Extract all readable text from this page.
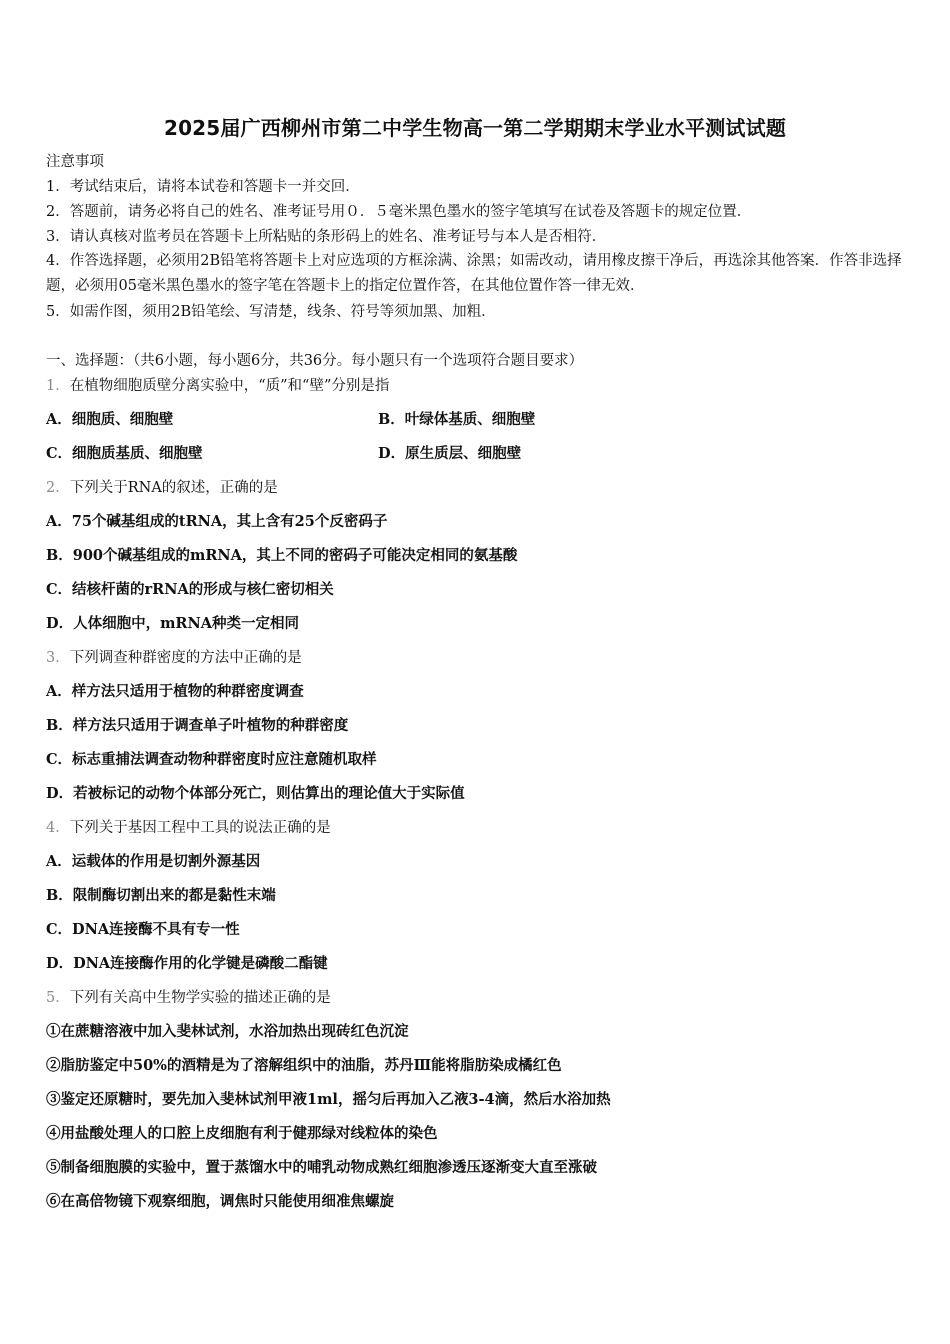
2025届广西柳州市第二中学生物高一第二学期期末学业水平测试试题
注意事项
1．考试结束后，请将本试卷和答题卡一并交回．
2．答题前，请务必将自己的姓名、准考证号用０．５毫米黑色墨水的签字笔填写在试卷及答题卡的规定位置．
3．请认真核对监考员在答题卡上所粘贴的条形码上的姓名、准考证号与本人是否相符．
4．作答选择题，必须用2B铅笔将答题卡上对应选项的方框涂满、涂黑；如需改动，请用橡皮擦干净后，再选涂其他答案．作答非选择题，必须用05毫米黑色墨水的签字笔在答题卡上的指定位置作答，在其他位置作答一律无效．
5．如需作图，须用2B铅笔绘、写清楚，线条、符号等须加黑、加粗．
一、选择题：（共6小题，每小题6分，共36分。每小题只有一个选项符合题目要求）
1．在植物细胞质壁分离实验中，“质”和“壁”分别是指
A．细胞质、细胞壁	B．叶绿体基质、细胞壁
C．细胞质基质、细胞壁	D．原生质层、细胞壁
2．下列关于RNA的叙述，正确的是
A．75个碱基组成的tRNA，其上含有25个反密码子
B．900个碱基组成的mRNA，其上不同的密码子可能决定相同的氨基酸
C．结核杆菌的rRNA的形成与核仁密切相关
D．人体细胞中，mRNA种类一定相同
3．下列调查种群密度的方法中正确的是
A．样方法只适用于植物的种群密度调查
B．样方法只适用于调查单子叶植物的种群密度
C．标志重捕法调查动物种群密度时应注意随机取样
D．若被标记的动物个体部分死亡，则估算出的理论值大于实际值
4．下列关于基因工程中工具的说法正确的是
A．运载体的作用是切割外源基因
B．限制酶切割出来的都是黏性末端
C．DNA连接酶不具有专一性
D．DNA连接酶作用的化学键是磷酸二酯键
5．下列有关高中生物学实验的描述正确的是
①在蔗糖溶液中加入斐林试剂，水浴加热出现砖红色沉淀
②脂肪鉴定中50%的酒精是为了溶解组织中的油脂，苏丹Ⅲ能将脂肪染成橘红色
③鉴定还原糖时，要先加入斐林试剂甲液1ml，摇匀后再加入乙液3-4滴，然后水浴加热
④用盐酸处理人的口腔上皮细胞有利于健那绿对线粒体的染色
⑤制备细胞膜的实验中，置于蒸馏水中的哺乳动物成熟红细胞渗透压逐渐变大直至涨破
⑥在高倍物镜下观察细胞，调焦时只能使用细准焦螺旋
